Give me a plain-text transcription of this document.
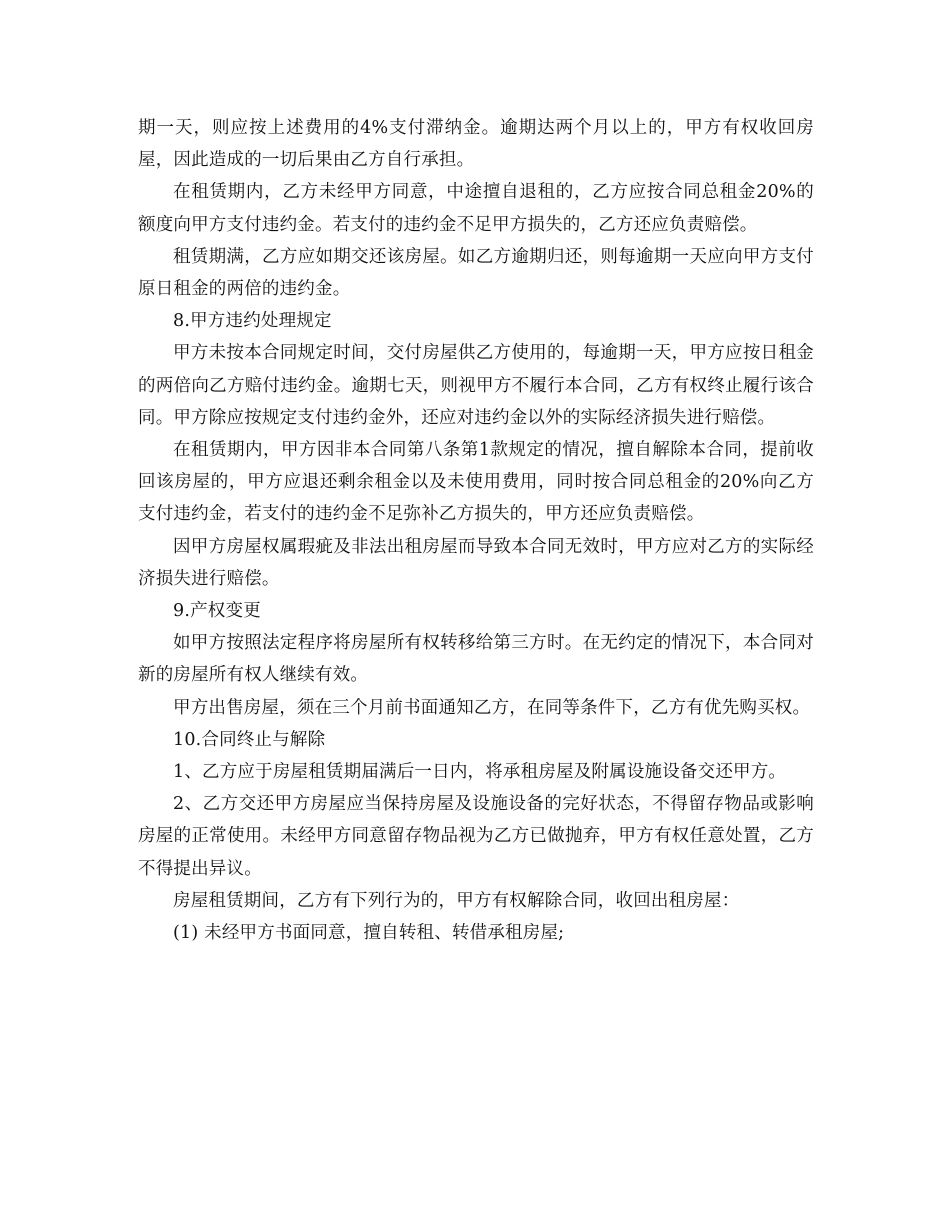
期一天，则应按上述费用的4%支付滞纳金。逾期达两个月以上的，甲方有权收回房屋，因此造成的一切后果由乙方自行承担。

在租赁期内，乙方未经甲方同意，中途擅自退租的，乙方应按合同总租金20%的额度向甲方支付违约金。若支付的违约金不足甲方损失的，乙方还应负责赔偿。

租赁期满，乙方应如期交还该房屋。如乙方逾期归还，则每逾期一天应向甲方支付原日租金的两倍的违约金。

8.甲方违约处理规定

甲方未按本合同规定时间，交付房屋供乙方使用的，每逾期一天，甲方应按日租金的两倍向乙方赔付违约金。逾期七天，则视甲方不履行本合同，乙方有权终止履行该合同。甲方除应按规定支付违约金外，还应对违约金以外的实际经济损失进行赔偿。

在租赁期内，甲方因非本合同第八条第1款规定的情况，擅自解除本合同，提前收回该房屋的，甲方应退还剩余租金以及未使用费用，同时按合同总租金的20%向乙方支付违约金，若支付的违约金不足弥补乙方损失的，甲方还应负责赔偿。

因甲方房屋权属瑕疵及非法出租房屋而导致本合同无效时，甲方应对乙方的实际经济损失进行赔偿。

9.产权变更

如甲方按照法定程序将房屋所有权转移给第三方时。在无约定的情况下，本合同对新的房屋所有权人继续有效。

甲方出售房屋，须在三个月前书面通知乙方，在同等条件下，乙方有优先购买权。

10.合同终止与解除

1、乙方应于房屋租赁期届满后一日内，将承租房屋及附属设施设备交还甲方。

2、乙方交还甲方房屋应当保持房屋及设施设备的完好状态，不得留存物品或影响房屋的正常使用。未经甲方同意留存物品视为乙方已做抛弃，甲方有权任意处置，乙方不得提出异议。

房屋租赁期间，乙方有下列行为的，甲方有权解除合同，收回出租房屋：

(1) 未经甲方书面同意，擅自转租、转借承租房屋;
